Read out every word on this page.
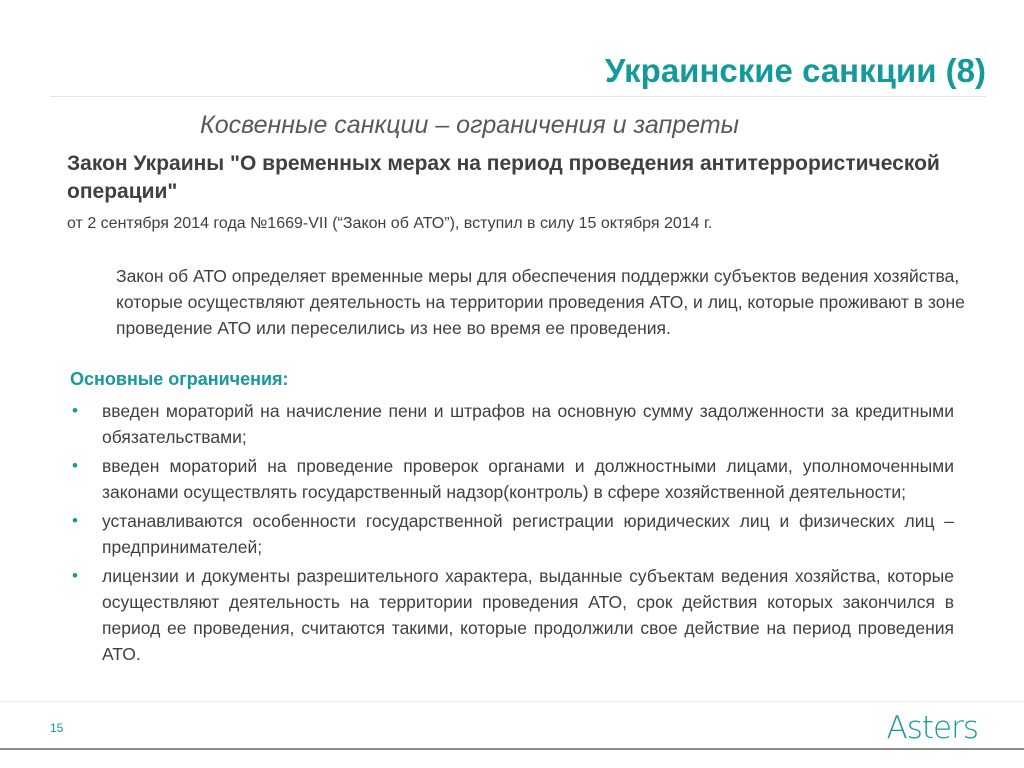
Украинские санкции (8)
Косвенные санкции – ограничения и запреты
Закон Украины "О временных мерах на период проведения антитеррористической операции"
от 2 сентября 2014 года №1669-VII (“Закон об АТО”), вступил в силу 15 октября 2014 г.
Закон об АТО определяет временные меры для обеспечения поддержки субъектов ведения хозяйства, которые осуществляют деятельность на территории проведения АТО, и лиц, которые проживают в зоне проведение АТО или переселились из нее во время ее проведения.
Основные ограничения:
• введен мораторий на начисление пени и штрафов на основную сумму задолженности за кредитными обязательствами;
• введен мораторий на проведение проверок органами и должностными лицами, уполномоченными законами осуществлять государственный надзор(контроль) в сфере хозяйственной деятельности;
• устанавливаются особенности государственной регистрации юридических лиц и физических лиц – предпринимателей;
• лицензии и документы разрешительного характера, выданные субъектам ведения хозяйства, которые осуществляют деятельность на территории проведения АТО, срок действия которых закончился в период ее проведения, считаются такими, которые продолжили свое действие на период проведения АТО.
15	Asters
